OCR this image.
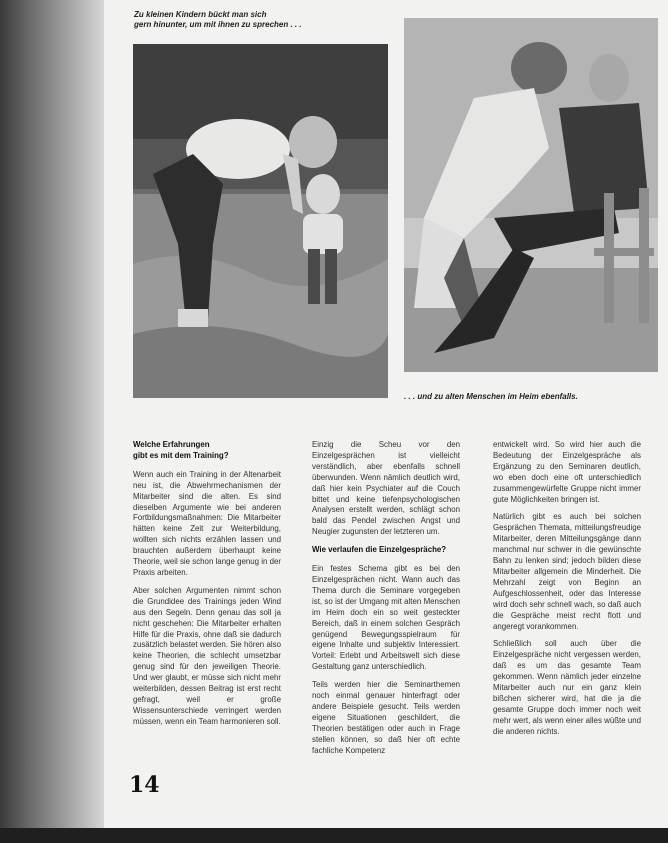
Zu kleinen Kindern bückt man sich
gern hinunter, um mit ihnen zu sprechen . . .
. . . und zu alten Menschen im Heim ebenfalls.
Welche Erfahrungen
gibt es mit dem Training?

Wenn auch ein Training in der Altenarbeit neu ist, die Abwehrmechanismen der Mitarbeiter sind die alten. Es sind dieselben Argumente wie bei anderen Fortbildungsmaßnahmen: Die Mitarbeiter hätten keine Zeit zur Weiterbildung, wollten sich nichts erzählen lassen und brauchten außerdem überhaupt keine Theorie, weil sie schon lange genug in der Praxis arbeiten.

Aber solchen Argumenten nimmt schon die Grundidee des Trainings jeden Wind aus den Segeln. Denn genau das soll ja nicht geschehen: Die Mitarbeiter erhalten Hilfe für die Praxis, ohne daß sie dadurch zusätzlich belastet werden. Sie hören also keine Theorien, die schlecht umsetzbar genug sind für den jeweiligen Theorie. Und wer glaubt, er müsse sich nicht mehr weiterbilden, dessen Beitrag ist erst recht gefragt, weil er große Wissensunterschiede verringert werden müssen, wenn ein Team harmonieren soll.

Einzig die Scheu vor den Einzelgesprächen ist vielleicht verständlich, aber ebenfalls schnell überwunden. Wenn nämlich deutlich wird, daß hier kein Psychiater auf die Couch bittet und keine tiefenpsychologischen Analysen erstellt werden, schlägt schon bald das Pendel zwischen Angst und Neugier zugunsten der letzteren um.

Wie verlaufen die Einzelgespräche?

Ein festes Schema gibt es bei den Einzelgesprächen nicht. Wann auch das Thema durch die Seminare vorgegeben ist, so ist der Umgang mit alten Menschen im Heim doch ein so weit gesteckter Bereich, daß in einem solchen Gespräch genügend Bewegungsspielraum für eigene Inhalte und subjektiv Interessiert. Vorteil: Erlebt und Arbeitswelt sich diese Gestaltung ganz unterschiedlich.

Teils werden hier die Seminarthemen noch einmal genauer hinterfragt oder andere Beispiele gesucht. Teils werden eigene Situationen geschildert, die Theorien bestätigen oder auch in Frage stellen können, so daß hier oft echte fachliche Kompetenz

entwickelt wird. So wird hier auch die Bedeutung der Einzelgespräche als Ergänzung zu den Seminaren deutlich, wo eben doch eine oft unterschiedlich zusammengewürfelte Gruppe nicht immer gute Möglichkeiten bringen ist.

Natürlich gibt es auch bei solchen Gesprächen Themata, mitteilungsfreudige Mitarbeiter, deren Mitteilungsgänge dann manchmal nur schwer in die gewünschte Bahn zu lenken sind; jedoch bilden diese Mitarbeiter allgemein die Minderheit. Die Mehrzahl zeigt von Beginn an Aufgeschlossenheit, oder das Interesse wird doch sehr schnell wach, so daß auch die Gespräche meist recht flott und angeregt vorankommen.

Schließlich soll auch über die Einzelgespräche nicht vergessen werden, daß es um das gesamte Team gekommen. Wenn nämlich jeder einzelne Mitarbeiter auch nur ein ganz klein bißchen sicherer wird, hat die ja die gesamte Gruppe doch immer noch weit mehr wert, als wenn einer alles wüßte und die anderen nichts.

14
